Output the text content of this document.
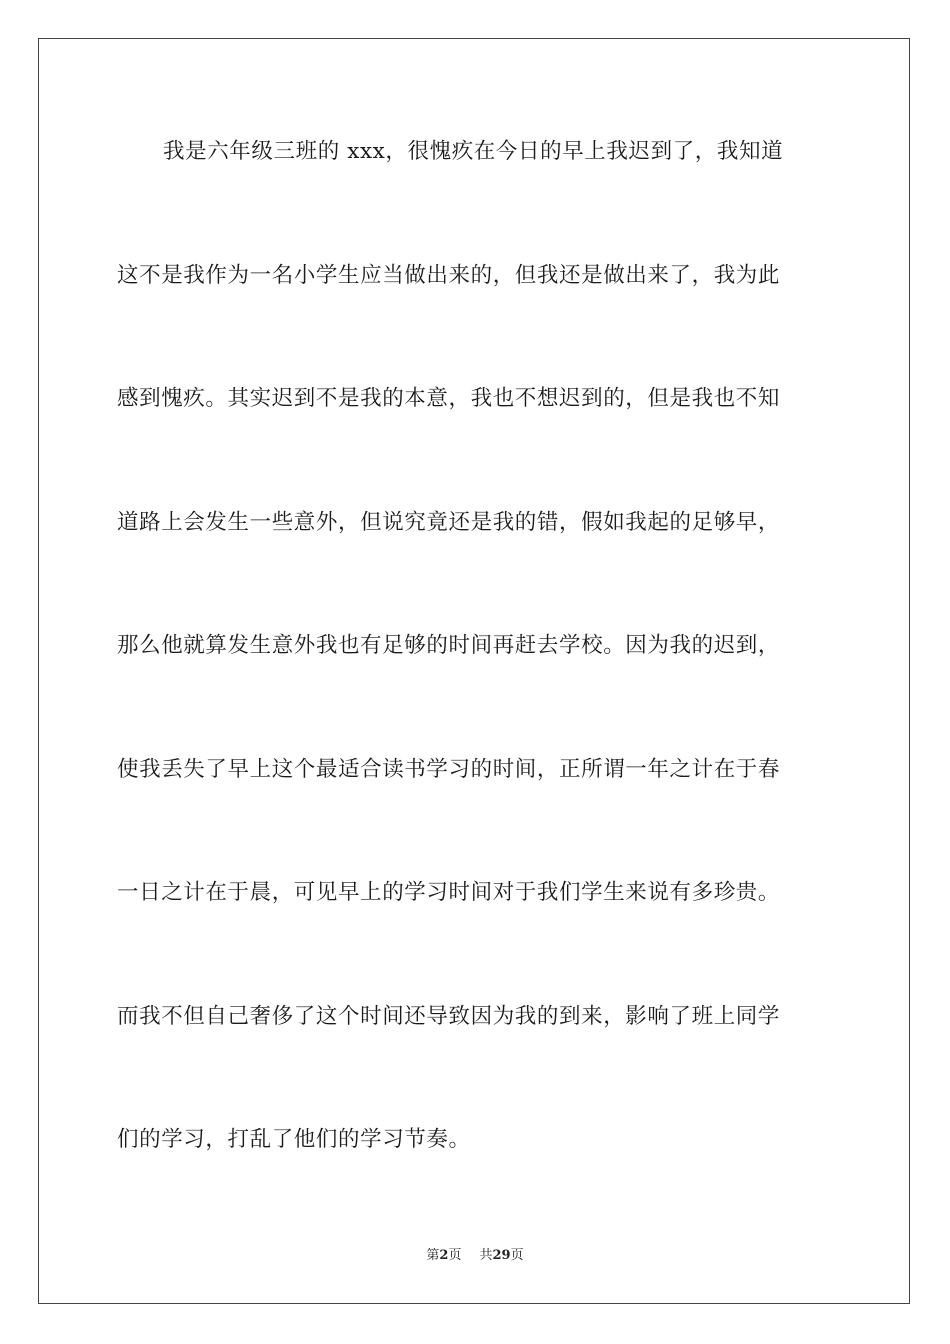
我是六年级三班的 xxx，很愧疚在今日的早上我迟到了，我知道
这不是我作为一名小学生应当做出来的，但我还是做出来了，我为此
感到愧疚。其实迟到不是我的本意，我也不想迟到的，但是我也不知
道路上会发生一些意外，但说究竟还是我的错，假如我起的足够早，
那么他就算发生意外我也有足够的时间再赶去学校。因为我的迟到，
使我丢失了早上这个最适合读书学习的时间，正所谓一年之计在于春
一日之计在于晨，可见早上的学习时间对于我们学生来说有多珍贵。
而我不但自己奢侈了这个时间还导致因为我的到来，影响了班上同学
们的学习，打乱了他们的学习节奏。
第2页 共29页
